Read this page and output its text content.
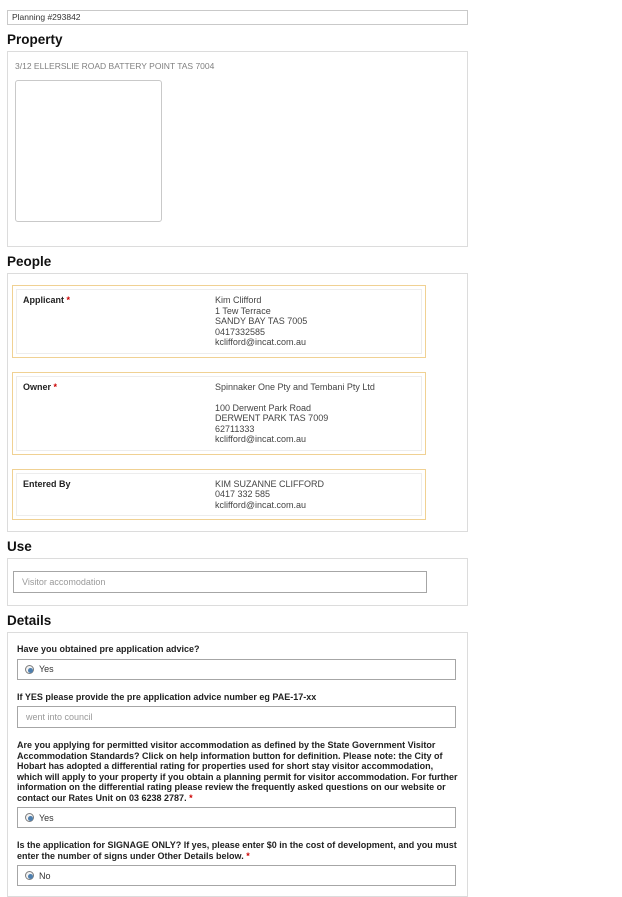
Planning #293842
Property
3/12 ELLERSLIE ROAD BATTERY POINT TAS 7004
People
Applicant *	Kim Clifford
1 Tew Terrace
SANDY BAY TAS 7005
0417332585
kclifford@incat.com.au
Owner *	Spinnaker One Pty and Tembani Pty Ltd

100 Derwent Park Road
DERWENT PARK TAS 7009
62711333
kclifford@incat.com.au
Entered By	KIM SUZANNE CLIFFORD
0417 332 585
kclifford@incat.com.au
Use
Visitor accomodation
Details
Have you obtained pre application advice?
Yes
If YES please provide the pre application advice number eg PAE-17-xx
went into council
Are you applying for permitted visitor accommodation as defined by the State Government Visitor Accommodation Standards? Click on help information button for definition. Please note: the City of Hobart has adopted a differential rating for properties used for short stay visitor accommodation, which will apply to your property if you obtain a planning permit for visitor accommodation. For further information on the differential rating please review the frequently asked questions on our website or contact our Rates Unit on 03 6238 2787. *
Yes
Is the application for SIGNAGE ONLY? If yes, please enter $0 in the cost of development, and you must enter the number of signs under Other Details below. *
No
